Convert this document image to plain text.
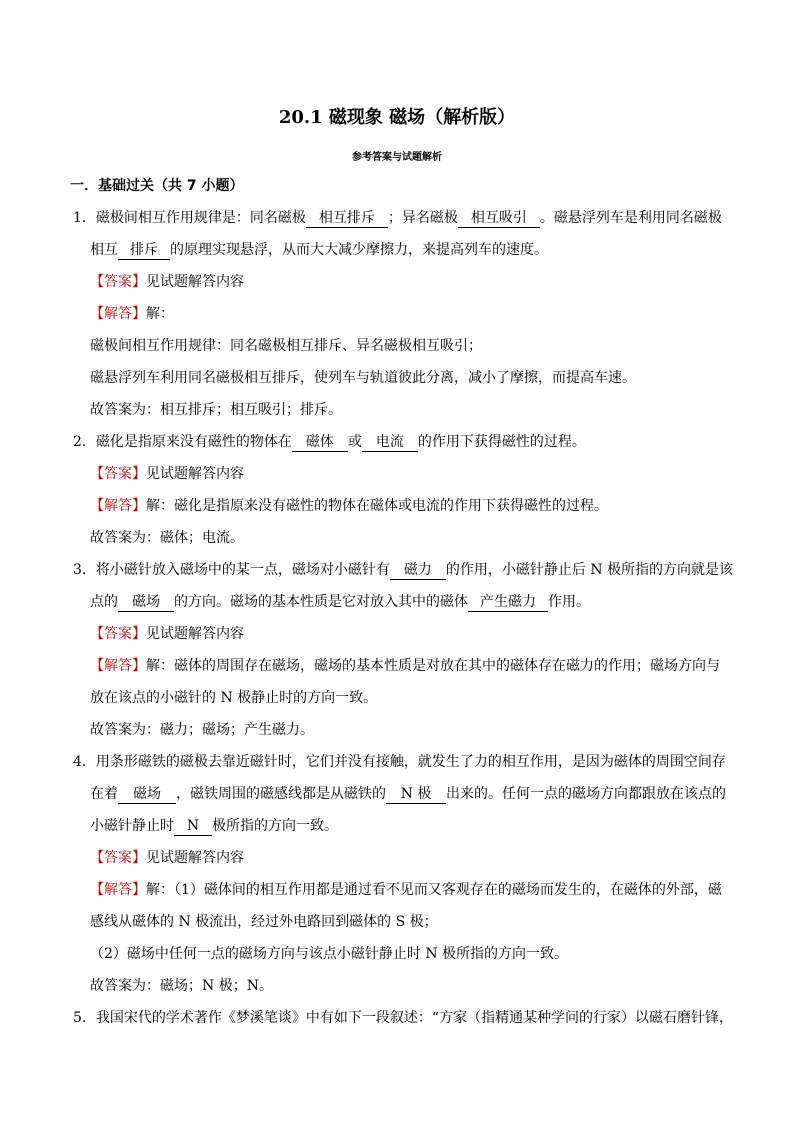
20.1 磁现象 磁场（解析版）
参考答案与试题解析
一．基础过关（共 7 小题）
1．磁极间相互作用规律是：同名磁极 相互排斥 ；异名磁极 相互吸引 。磁悬浮列车是利用同名磁极
相互 排斥 的原理实现悬浮，从而大大减少摩擦力，来提高列车的速度。
【答案】见试题解答内容
【解答】解：
磁极间相互作用规律：同名磁极相互排斥、异名磁极相互吸引；
磁悬浮列车利用同名磁极相互排斥，使列车与轨道彼此分离，减小了摩擦，而提高车速。
故答案为：相互排斥；相互吸引；排斥。
2．磁化是指原来没有磁性的物体在 磁体 或 电流 的作用下获得磁性的过程。
【答案】见试题解答内容
【解答】解：磁化是指原来没有磁性的物体在磁体或电流的作用下获得磁性的过程。
故答案为：磁体；电流。
3．将小磁针放入磁场中的某一点，磁场对小磁针有 磁力 的作用，小磁针静止后 N 极所指的方向就是该
点的 磁场 的方向。磁场的基本性质是它对放入其中的磁体 产生磁力 作用。
【答案】见试题解答内容
【解答】解：磁体的周围存在磁场，磁场的基本性质是对放在其中的磁体存在磁力的作用；磁场方向与
放在该点的小磁针的 N 极静止时的方向一致。
故答案为：磁力；磁场；产生磁力。
4．用条形磁铁的磁极去靠近磁针时，它们并没有接触，就发生了力的相互作用，是因为磁体的周围空间存
在着 磁场 ，磁铁周围的磁感线都是从磁铁的 N 极 出来的。任何一点的磁场方向都跟放在该点的
小磁针静止时 N 极所指的方向一致。
【答案】见试题解答内容
【解答】解：（1）磁体间的相互作用都是通过看不见而又客观存在的磁场而发生的，在磁体的外部，磁
感线从磁体的 N 极流出，经过外电路回到磁体的 S 极；
（2）磁场中任何一点的磁场方向与该点小磁针静止时 N 极所指的方向一致。
故答案为：磁场；N 极；N。
5．我国宋代的学术著作《梦溪笔谈》中有如下一段叙述：“方家（指精通某种学问的行家）以磁石磨针锋，
